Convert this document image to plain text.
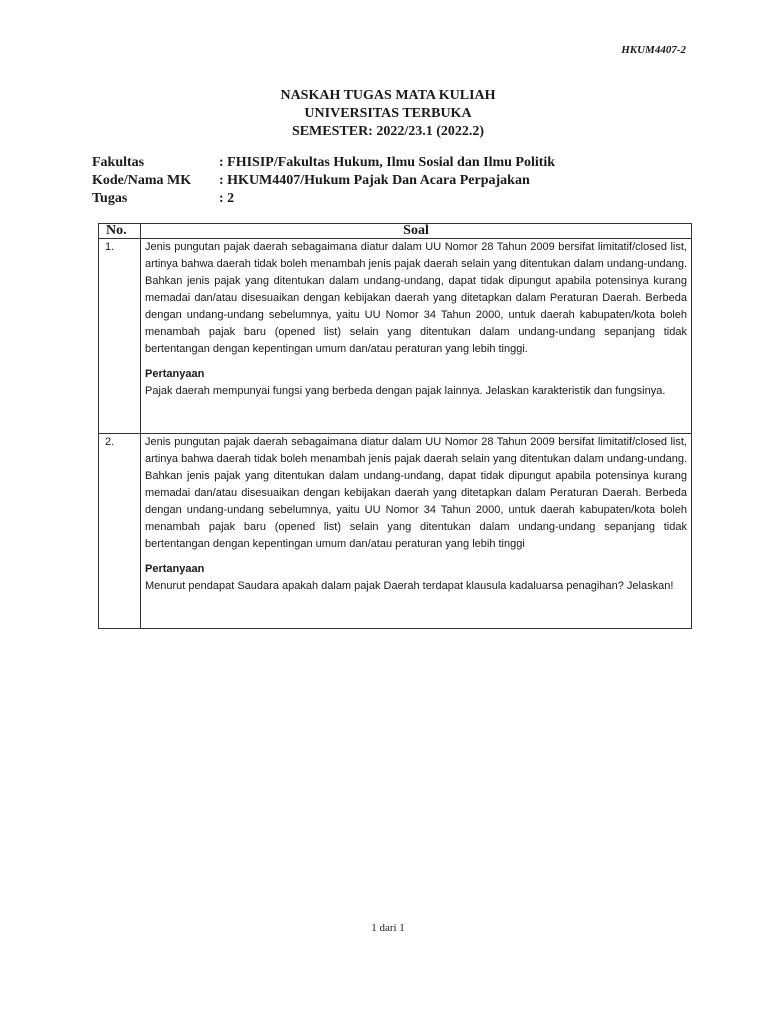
HKUM4407-2
NASKAH TUGAS MATA KULIAH
UNIVERSITAS TERBUKA
SEMESTER: 2022/23.1 (2022.2)
Fakultas	: FHISIP/Fakultas Hukum, Ilmu Sosial dan Ilmu Politik
Kode/Nama MK	: HKUM4407/Hukum Pajak Dan Acara Perpajakan
Tugas	: 2
No.	Soal
1.	Jenis pungutan pajak daerah sebagaimana diatur dalam UU Nomor 28 Tahun 2009 bersifat limitatif/closed list, artinya bahwa daerah tidak boleh menambah jenis pajak daerah selain yang ditentukan dalam undang-undang. Bahkan jenis pajak yang ditentukan dalam undang-undang, dapat tidak dipungut apabila potensinya kurang memadai dan/atau disesuaikan dengan kebijakan daerah yang ditetapkan dalam Peraturan Daerah. Berbeda dengan undang-undang sebelumnya, yaitu UU Nomor 34 Tahun 2000, untuk daerah kabupaten/kota boleh menambah pajak baru (opened list) selain yang ditentukan dalam undang-undang sepanjang tidak bertentangan dengan kepentingan umum dan/atau peraturan yang lebih tinggi.
Pertanyaan
Pajak daerah mempunyai fungsi yang berbeda dengan pajak lainnya. Jelaskan karakteristik dan fungsinya.

2.	Jenis pungutan pajak daerah sebagaimana diatur dalam UU Nomor 28 Tahun 2009 bersifat limitatif/closed list, artinya bahwa daerah tidak boleh menambah jenis pajak daerah selain yang ditentukan dalam undang-undang. Bahkan jenis pajak yang ditentukan dalam undang-undang, dapat tidak dipungut apabila potensinya kurang memadai dan/atau disesuaikan dengan kebijakan daerah yang ditetapkan dalam Peraturan Daerah. Berbeda dengan undang-undang sebelumnya, yaitu UU Nomor 34 Tahun 2000, untuk daerah kabupaten/kota boleh menambah pajak baru (opened list) selain yang ditentukan dalam undang-undang sepanjang tidak bertentangan dengan kepentingan umum dan/atau peraturan yang lebih tinggi
Pertanyaan
Menurut pendapat Saudara apakah dalam pajak Daerah terdapat klausula kadaluarsa penagihan? Jelaskan!
1 dari 1
